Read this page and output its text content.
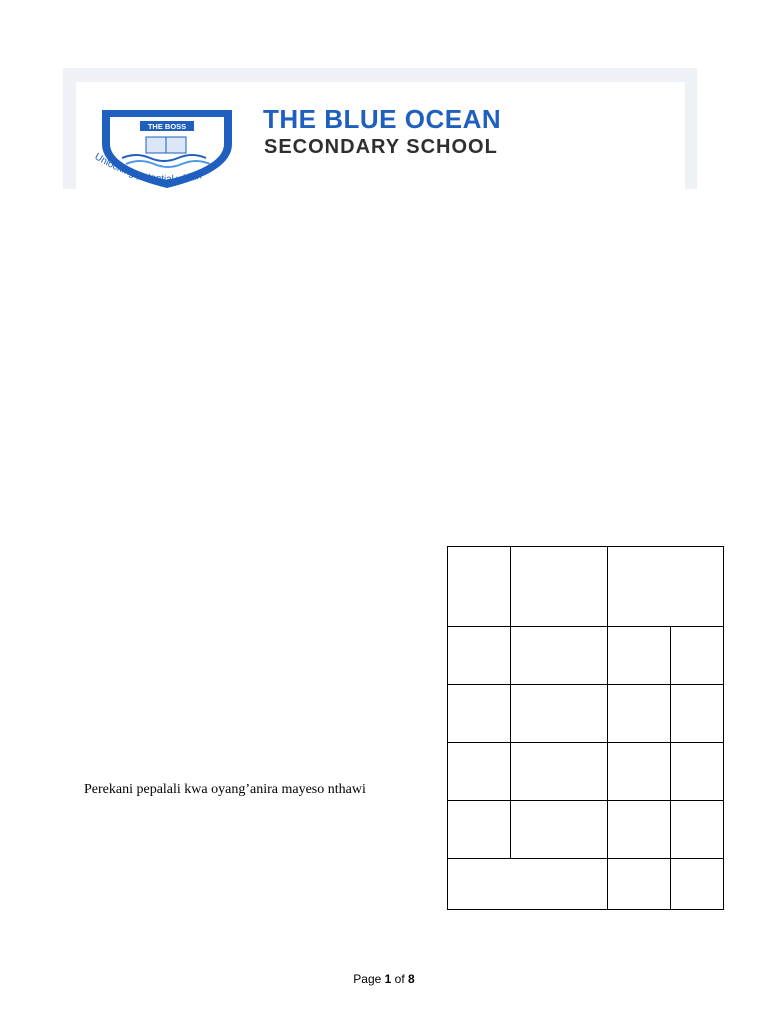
THE BOSS
Unlocking potential within
THE BLUE OCEAN
SECONDARY SCHOOL
Perekani pepalali kwa oyang’anira mayeso nthawi

Page 1 of 8
